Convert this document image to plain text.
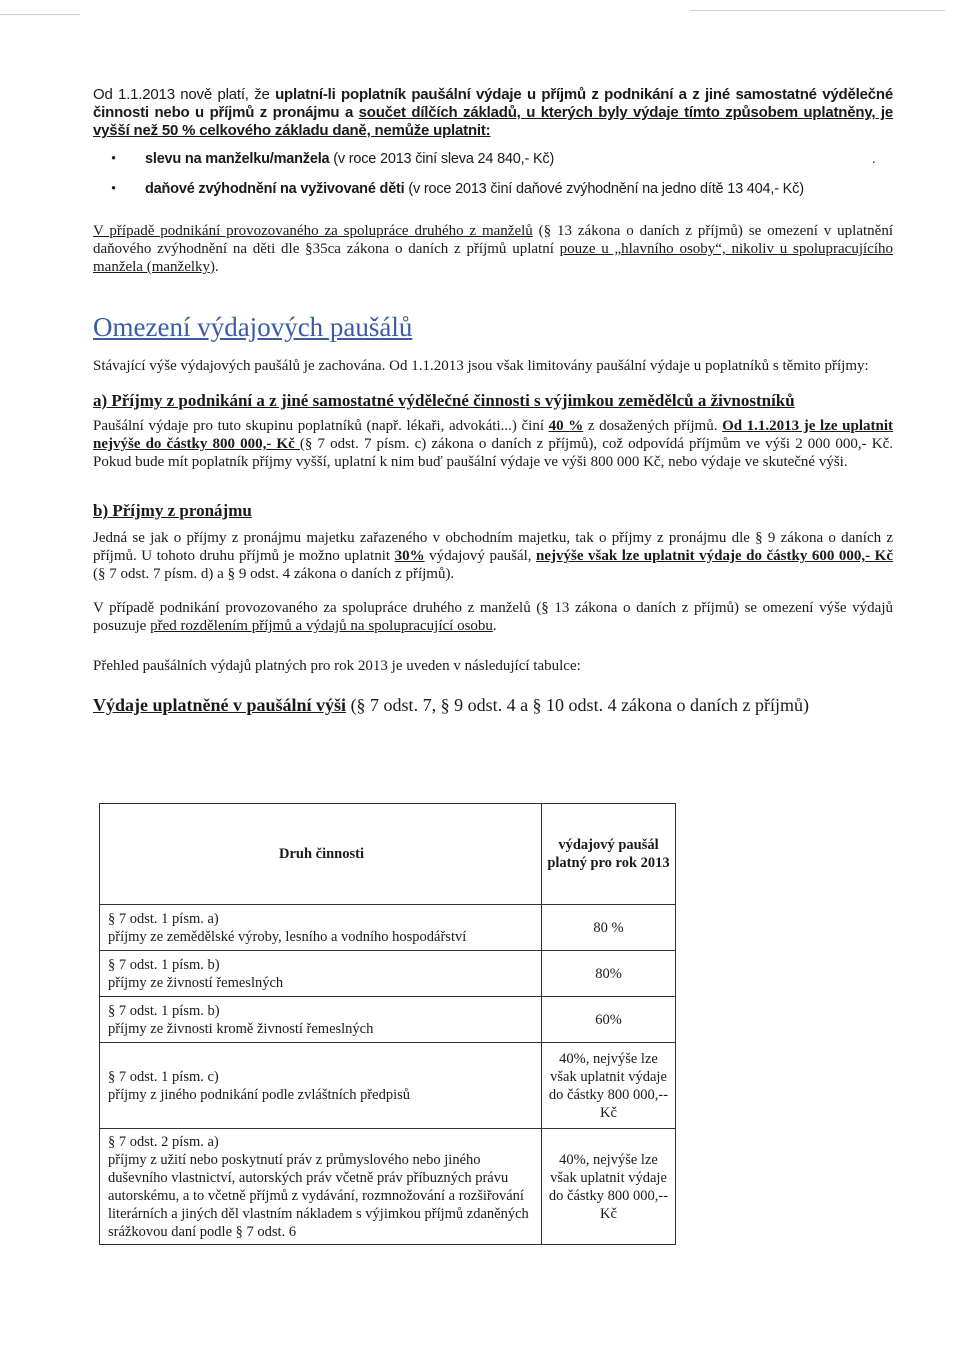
Od 1.1.2013 nově platí, že uplatní-li poplatník paušální výdaje u příjmů z podnikání a z jiné samostatné výdělečné činnosti nebo u příjmů z pronájmu a součet dílčích základů, u kterých byly výdaje tímto způsobem uplatněny, je vyšší než 50 % celkového základu daně, nemůže uplatnit:

• slevu na manželku/manžela (v roce 2013 činí sleva 24 840,- Kč)
• daňové zvýhodnění na vyživované děti (v roce 2013 činí daňové zvýhodnění na jedno dítě 13 404,- Kč)

V případě podnikání provozovaného za spolupráce druhého z manželů (§ 13 zákona o daních z příjmů) se omezení v uplatnění daňového zvýhodnění na děti dle §35ca zákona o daních z příjmů uplatní pouze u „hlavního osoby“, nikoliv u spolupracujícího manžela (manželky).

Omezení výdajových paušálů

Stávající výše výdajových paušálů je zachována. Od 1.1.2013 jsou však limitovány paušální výdaje u poplatníků s těmito příjmy:

a) Příjmy z podnikání a z jiné samostatné výdělečné činnosti s výjimkou zemědělců a živnostníků

Paušální výdaje pro tuto skupinu poplatníků (např. lékaři, advokáti...) činí 40 % z dosažených příjmů. Od 1.1.2013 je lze uplatnit nejvýše do částky 800 000,- Kč (§ 7 odst. 7 písm. c) zákona o daních z příjmů), což odpovídá příjmům ve výši 2 000 000,- Kč. Pokud bude mít poplatník příjmy vyšší, uplatní k nim buď paušální výdaje ve výši 800 000 Kč, nebo výdaje ve skutečné výši.

b) Příjmy z pronájmu

Jedná se jak o příjmy z pronájmu majetku zařazeného v obchodním majetku, tak o příjmy z pronájmu dle § 9 zákona o daních z příjmů. U tohoto druhu příjmů je možno uplatnit 30% výdajový paušál, nejvýše však lze uplatnit výdaje do částky 600 000,- Kč (§ 7 odst. 7 písm. d) a § 9 odst. 4 zákona o daních z příjmů).

V případě podnikání provozovaného za spolupráce druhého z manželů (§ 13 zákona o daních z příjmů) se omezení výše výdajů posuzuje před rozdělením příjmů a výdajů na spolupracující osobu.

Přehled paušálních výdajů platných pro rok 2013 je uveden v následující tabulce:

Výdaje uplatněné v paušální výši (§ 7 odst. 7, § 9 odst. 4 a § 10 odst. 4 zákona o daních z příjmů)
.
Druh činnosti	výdajový paušál platný pro rok 2013

§ 7 odst. 1 písm. a)
příjmy ze zemědělské výroby, lesního a vodního hospodářství	80 %

§ 7 odst. 1 písm. b)
příjmy ze živností řemeslných	80%

§ 7 odst. 1 písm. b)
příjmy ze živnosti kromě živností řemeslných	60%

§ 7 odst. 1 písm. c)
příjmy z jiného podnikání podle zvláštních předpisů	40%, nejvýše lze však uplatnit výdaje do částky 800 000,-- Kč

§ 7 odst. 2 písm. a)
příjmy z užití nebo poskytnutí práv z průmyslového nebo jiného duševního vlastnictví, autorských práv včetně práv příbuzných právu autorskému, a to včetně příjmů z vydávání, rozmnožování a rozšiřování literárních a jiných děl vlastním nákladem s výjimkou příjmů zdaněných srážkovou daní podle § 7 odst. 6	40%, nejvýše lze však uplatnit výdaje do částky 800 000,-- Kč
